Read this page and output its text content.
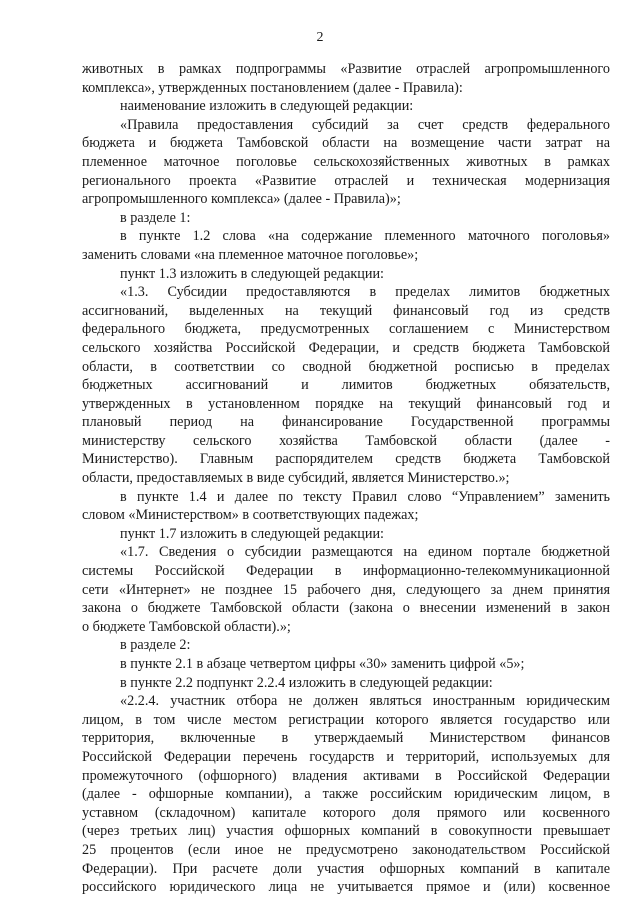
2
животных в рамках подпрограммы «Развитие отраслей агропромышленного
комплекса», утвержденных постановлением (далее - Правила):
наименование изложить в следующей редакции:
«Правила предоставления субсидий за счет средств федерального
бюджета и бюджета Тамбовской области на возмещение части затрат на
племенное маточное поголовье сельскохозяйственных животных в рамках
регионального проекта «Развитие отраслей и техническая модернизация
агропромышленного комплекса» (далее - Правила)»;
в разделе 1:
в пункте 1.2 слова «на содержание племенного маточного поголовья»
заменить словами «на племенное маточное поголовье»;
пункт 1.3 изложить в следующей редакции:
«1.3. Субсидии предоставляются в пределах лимитов бюджетных
ассигнований, выделенных на текущий финансовый год из средств
федерального бюджета, предусмотренных соглашением с Министерством
сельского хозяйства Российской Федерации, и средств бюджета Тамбовской
области, в соответствии со сводной бюджетной росписью в пределах
бюджетных ассигнований и лимитов бюджетных обязательств,
утвержденных в установленном порядке на текущий финансовый год и
плановый период на финансирование Государственной программы
министерству сельского хозяйства Тамбовской области (далее -
Министерство). Главным распорядителем средств бюджета Тамбовской
области, предоставляемых в виде субсидий, является Министерство.»;
в пункте 1.4 и далее по тексту Правил слово “Управлением” заменить
словом «Министерством» в соответствующих падежах;
пункт 1.7 изложить в следующей редакции:
«1.7. Сведения о субсидии размещаются на едином портале бюджетной
системы Российской Федерации в информационно-телекоммуникационной
сети «Интернет» не позднее 15 рабочего дня, следующего за днем принятия
закона о бюджете Тамбовской области (закона о внесении изменений в закон
о бюджете Тамбовской области).»;
в разделе 2:
в пункте 2.1 в абзаце четвертом цифры «30» заменить цифрой «5»;
в пункте 2.2 подпункт 2.2.4 изложить в следующей редакции:
«2.2.4. участник отбора не должен являться иностранным юридическим
лицом, в том числе местом регистрации которого является государство или
территория, включенные в утверждаемый Министерством финансов
Российской Федерации перечень государств и территорий, используемых для
промежуточного (офшорного) владения активами в Российской Федерации
(далее - офшорные компании), а также российским юридическим лицом, в
уставном (складочном) капитале которого доля прямого или косвенного
(через третьих лиц) участия офшорных компаний в совокупности превышает
25 процентов (если иное не предусмотрено законодательством Российской
Федерации). При расчете доли участия офшорных компаний в капитале
российского юридического лица не учитывается прямое и (или) косвенное
